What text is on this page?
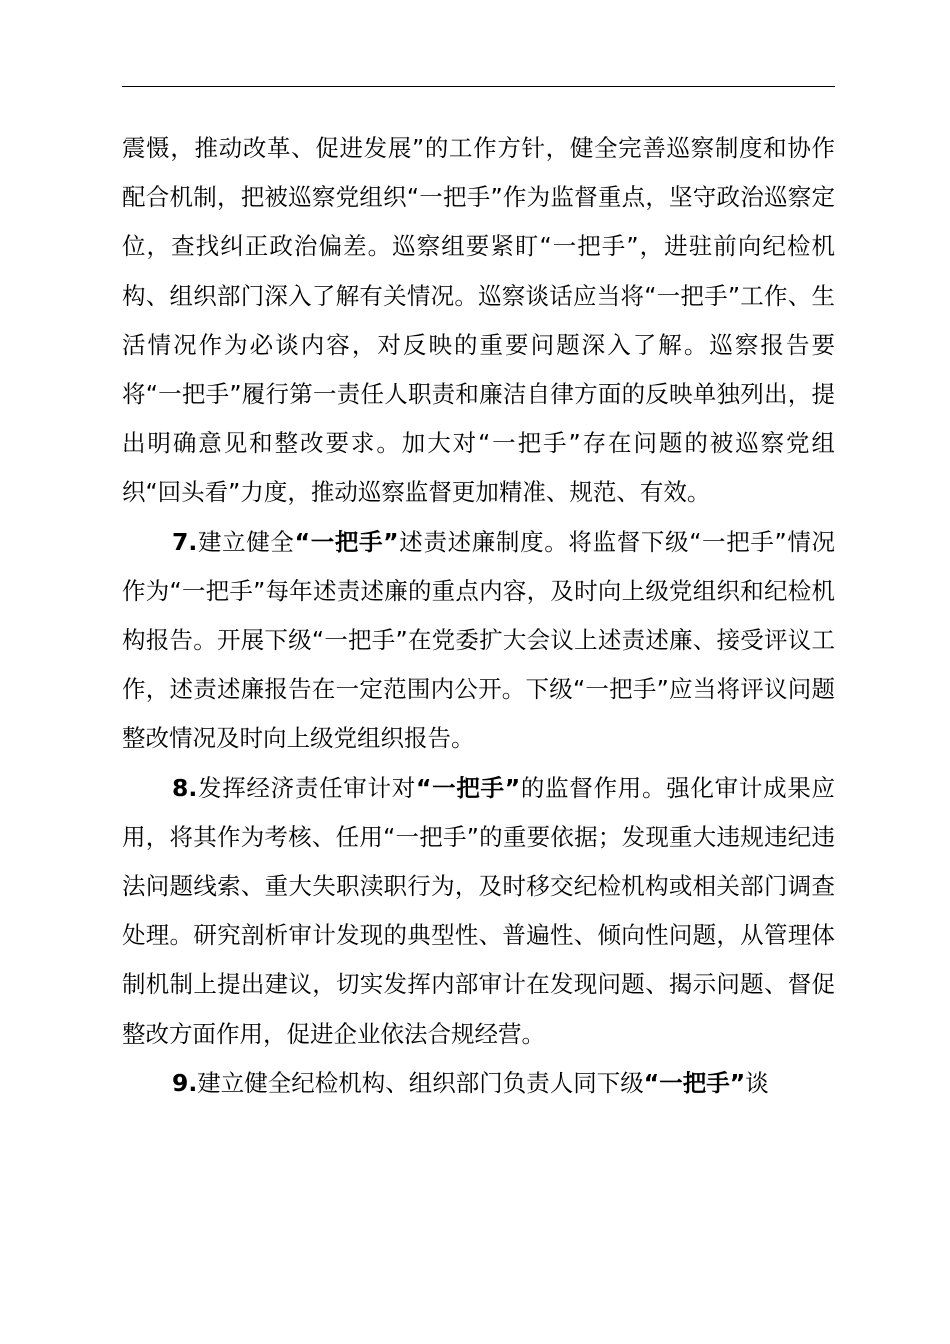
震慑，推动改革、促进发展”的工作方针，健全完善巡察制度和协作配合机制，把被巡察党组织“一把手”作为监督重点，坚守政治巡察定位，查找纠正政治偏差。巡察组要紧盯“一把手”，进驻前向纪检机构、组织部门深入了解有关情况。巡察谈话应当将“一把手”工作、生活情况作为必谈内容，对反映的重要问题深入了解。巡察报告要将“一把手”履行第一责任人职责和廉洁自律方面的反映单独列出，提出明确意见和整改要求。加大对“一把手”存在问题的被巡察党组织“回头看”力度，推动巡察监督更加精准、规范、有效。

7.建立健全“一把手”述责述廉制度。将监督下级“一把手”情况作为“一把手”每年述责述廉的重点内容，及时向上级党组织和纪检机构报告。开展下级“一把手”在党委扩大会议上述责述廉、接受评议工作，述责述廉报告在一定范围内公开。下级“一把手”应当将评议问题整改情况及时向上级党组织报告。

8.发挥经济责任审计对“一把手”的监督作用。强化审计成果应用，将其作为考核、任用“一把手”的重要依据；发现重大违规违纪违法问题线索、重大失职渎职行为，及时移交纪检机构或相关部门调查处理。研究剖析审计发现的典型性、普遍性、倾向性问题，从管理体制机制上提出建议，切实发挥内部审计在发现问题、揭示问题、督促整改方面作用，促进企业依法合规经营。

9.建立健全纪检机构、组织部门负责人同下级“一把手”谈
